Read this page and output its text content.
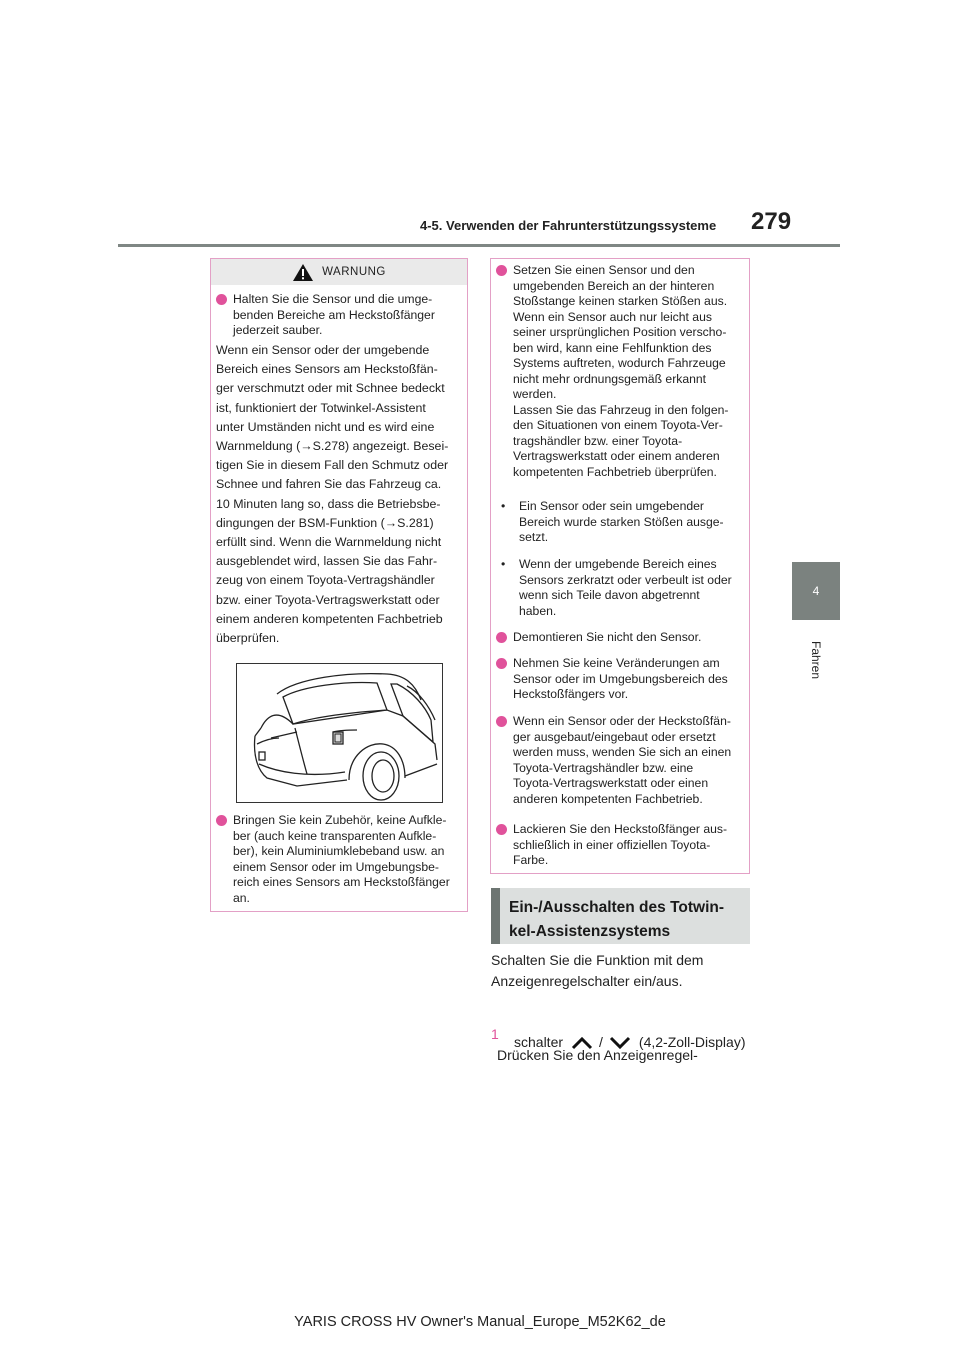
4-5. Verwenden der Fahrunterstützungssysteme 279
4
Fahren
WARNUNG
Halten Sie die Sensor und die umge-
benden Bereiche am Heckstoßfänger
jederzeit sauber.
Wenn ein Sensor oder der umgebende
Bereich eines Sensors am Heckstoßfän-
ger verschmutzt oder mit Schnee bedeckt
ist, funktioniert der Totwinkel-Assistent
unter Umständen nicht und es wird eine
Warnmeldung (→S.278) angezeigt. Besei-
tigen Sie in diesem Fall den Schmutz oder
Schnee und fahren Sie das Fahrzeug ca.
10 Minuten lang so, dass die Betriebsbe-
dingungen der BSM-Funktion (→S.281)
erfüllt sind. Wenn die Warnmeldung nicht
ausgeblendet wird, lassen Sie das Fahr-
zeug von einem Toyota-Vertragshändler
bzw. einer Toyota-Vertragswerkstatt oder
einem anderen kompetenten Fachbetrieb
überprüfen.
Bringen Sie kein Zubehör, keine Aufkle-
ber (auch keine transparenten Aufkle-
ber), kein Aluminiumklebeband usw. an
einem Sensor oder im Umgebungsbe-
reich eines Sensors am Heckstoßfänger
an.
Setzen Sie einen Sensor und den
umgebenden Bereich an der hinteren
Stoßstange keinen starken Stößen aus.
Wenn ein Sensor auch nur leicht aus
seiner ursprünglichen Position verscho-
ben wird, kann eine Fehlfunktion des
Systems auftreten, wodurch Fahrzeuge
nicht mehr ordnungsgemäß erkannt
werden.
Lassen Sie das Fahrzeug in den folgen-
den Situationen von einem Toyota-Ver-
tragshändler bzw. einer Toyota-
Vertragswerkstatt oder einem anderen
kompetenten Fachbetrieb überprüfen.
•	Ein Sensor oder sein umgebender
Bereich wurde starken Stößen ausge-
setzt.
•	Wenn der umgebende Bereich eines
Sensors zerkratzt oder verbeult ist oder
wenn sich Teile davon abgetrennt
haben.
Demontieren Sie nicht den Sensor.
Nehmen Sie keine Veränderungen am
Sensor oder im Umgebungsbereich des
Heckstoßfängers vor.
Wenn ein Sensor oder der Heckstoßfän-
ger ausgebaut/eingebaut oder ersetzt
werden muss, wenden Sie sich an einen
Toyota-Vertragshändler bzw. eine
Toyota-Vertragswerkstatt oder einen
anderen kompetenten Fachbetrieb.
Lackieren Sie den Heckstoßfänger aus-
schließlich in einer offiziellen Toyota-
Farbe.
Ein-/Ausschalten des Totwin-
kel-Assistenzsystems
Schalten Sie die Funktion mit dem
Anzeigenregelschalter ein/aus.

1
Drücken Sie den Anzeigenregel-

schalter	/	(4,2-Zoll-Display)
YARIS CROSS HV Owner's Manual_Europe_M52K62_de
